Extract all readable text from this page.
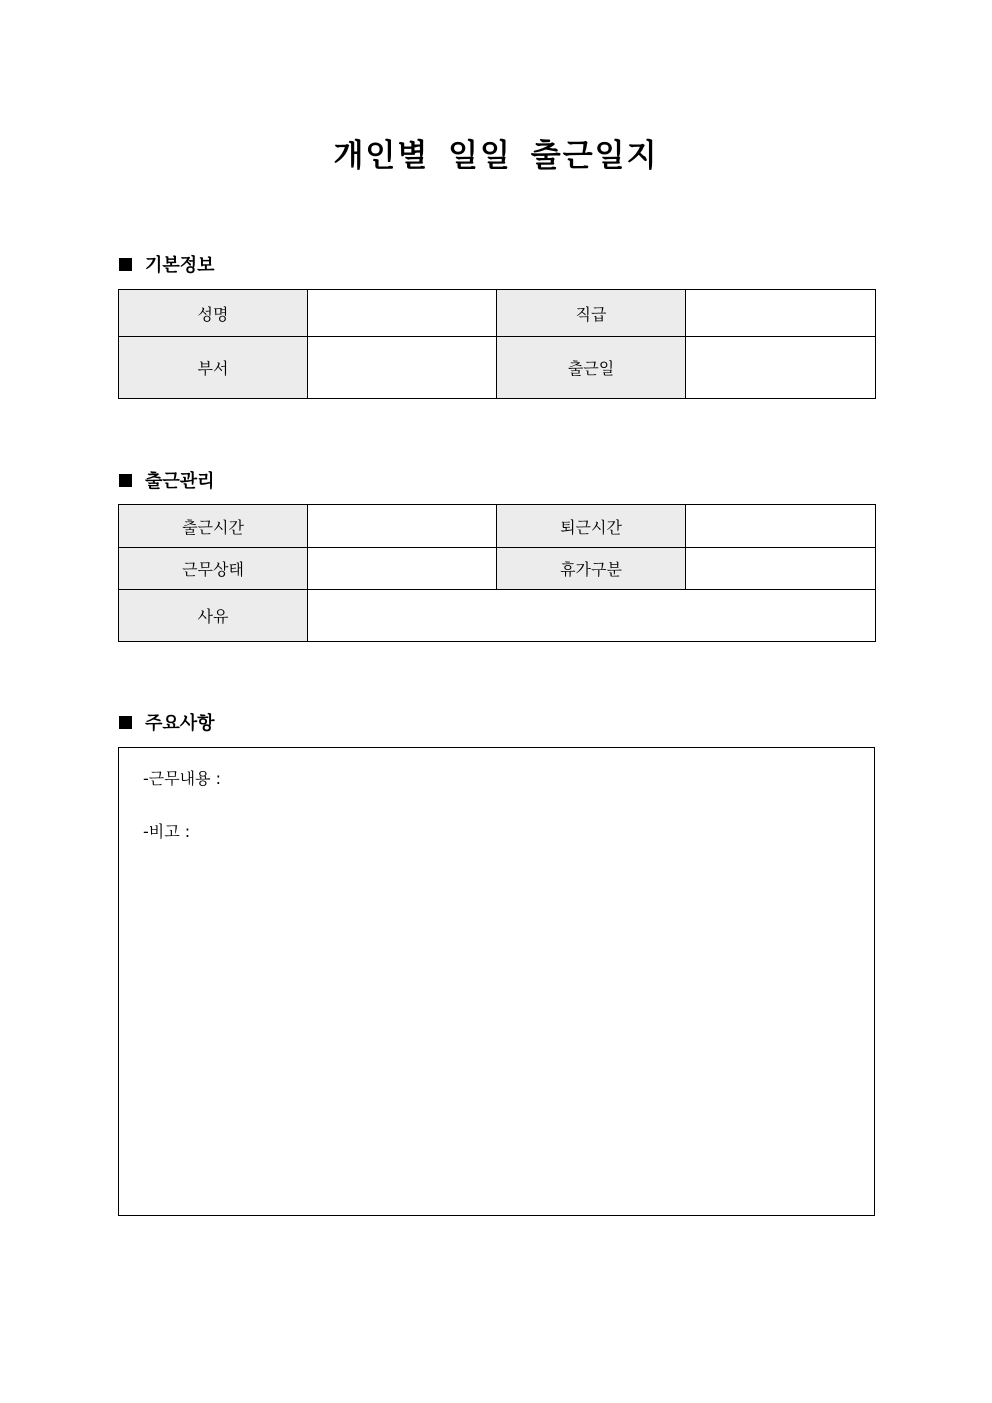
개인별 일일 출근일지
기본정보
성명		직급	
부서		출근일	
출근관리
출근시간		퇴근시간	
근무상태		휴가구분	
사유			
주요사항
-근무내용 :
-비고 :
